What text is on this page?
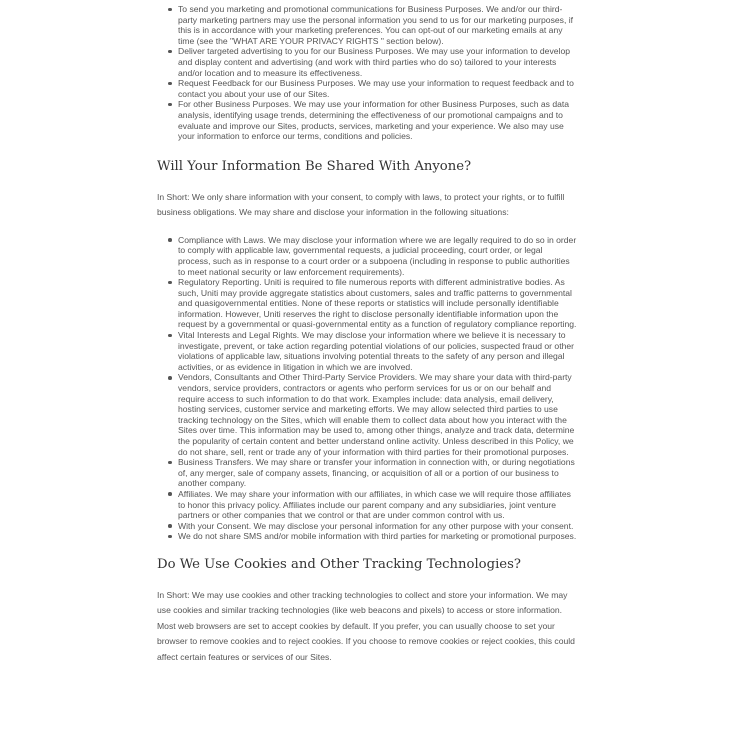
To send you marketing and promotional communications for Business Purposes. We and/or our third-party marketing partners may use the personal information you send to us for our marketing purposes, if this is in accordance with your marketing preferences. You can opt-out of our marketing emails at any time (see the "WHAT ARE YOUR PRIVACY RIGHTS " section below).
Deliver targeted advertising to you for our Business Purposes. We may use your information to develop and display content and advertising (and work with third parties who do so) tailored to your interests and/or location and to measure its effectiveness.
Request Feedback for our Business Purposes. We may use your information to request feedback and to contact you about your use of our Sites.
For other Business Purposes. We may use your information for other Business Purposes, such as data analysis, identifying usage trends, determining the effectiveness of our promotional campaigns and to evaluate and improve our Sites, products, services, marketing and your experience. We also may use your information to enforce our terms, conditions and policies.
Will Your Information Be Shared With Anyone?

In Short: We only share information with your consent, to comply with laws, to protect your rights, or to fulfill business obligations. We may share and disclose your information in the following situations:

Compliance with Laws. We may disclose your information where we are legally required to do so in order to comply with applicable law, governmental requests, a judicial proceeding, court order, or legal process, such as in response to a court order or a subpoena (including in response to public authorities to meet national security or law enforcement requirements).
Regulatory Reporting. Uniti is required to file numerous reports with different administrative bodies. As such, Uniti may provide aggregate statistics about customers, sales and traffic patterns to governmental and quasigovernmental entities. None of these reports or statistics will include personally identifiable information. However, Uniti reserves the right to disclose personally identifiable information upon the request by a governmental or quasi-governmental entity as a function of regulatory compliance reporting.
Vital Interests and Legal Rights. We may disclose your information where we believe it is necessary to investigate, prevent, or take action regarding potential violations of our policies, suspected fraud or other violations of applicable law, situations involving potential threats to the safety of any person and illegal activities, or as evidence in litigation in which we are involved.
Vendors, Consultants and Other Third-Party Service Providers. We may share your data with third-party vendors, service providers, contractors or agents who perform services for us or on our behalf and require access to such information to do that work. Examples include: data analysis, email delivery, hosting services, customer service and marketing efforts. We may allow selected third parties to use tracking technology on the Sites, which will enable them to collect data about how you interact with the Sites over time. This information may be used to, among other things, analyze and track data, determine the popularity of certain content and better understand online activity. Unless described in this Policy, we do not share, sell, rent or trade any of your information with third parties for their promotional purposes.
Business Transfers. We may share or transfer your information in connection with, or during negotiations of, any merger, sale of company assets, financing, or acquisition of all or a portion of our business to another company.
Affiliates. We may share your information with our affiliates, in which case we will require those affiliates to honor this privacy policy. Affiliates include our parent company and any subsidiaries, joint venture partners or other companies that we control or that are under common control with us.
With your Consent. We may disclose your personal information for any other purpose with your consent.
We do not share SMS and/or mobile information with third parties for marketing or promotional purposes.
Do We Use Cookies and Other Tracking Technologies?

In Short: We may use cookies and other tracking technologies to collect and store your information. We may use cookies and similar tracking technologies (like web beacons and pixels) to access or store information. Most web browsers are set to accept cookies by default. If you prefer, you can usually choose to set your browser to remove cookies and to reject cookies. If you choose to remove cookies or reject cookies, this could affect certain features or services of our Sites.
